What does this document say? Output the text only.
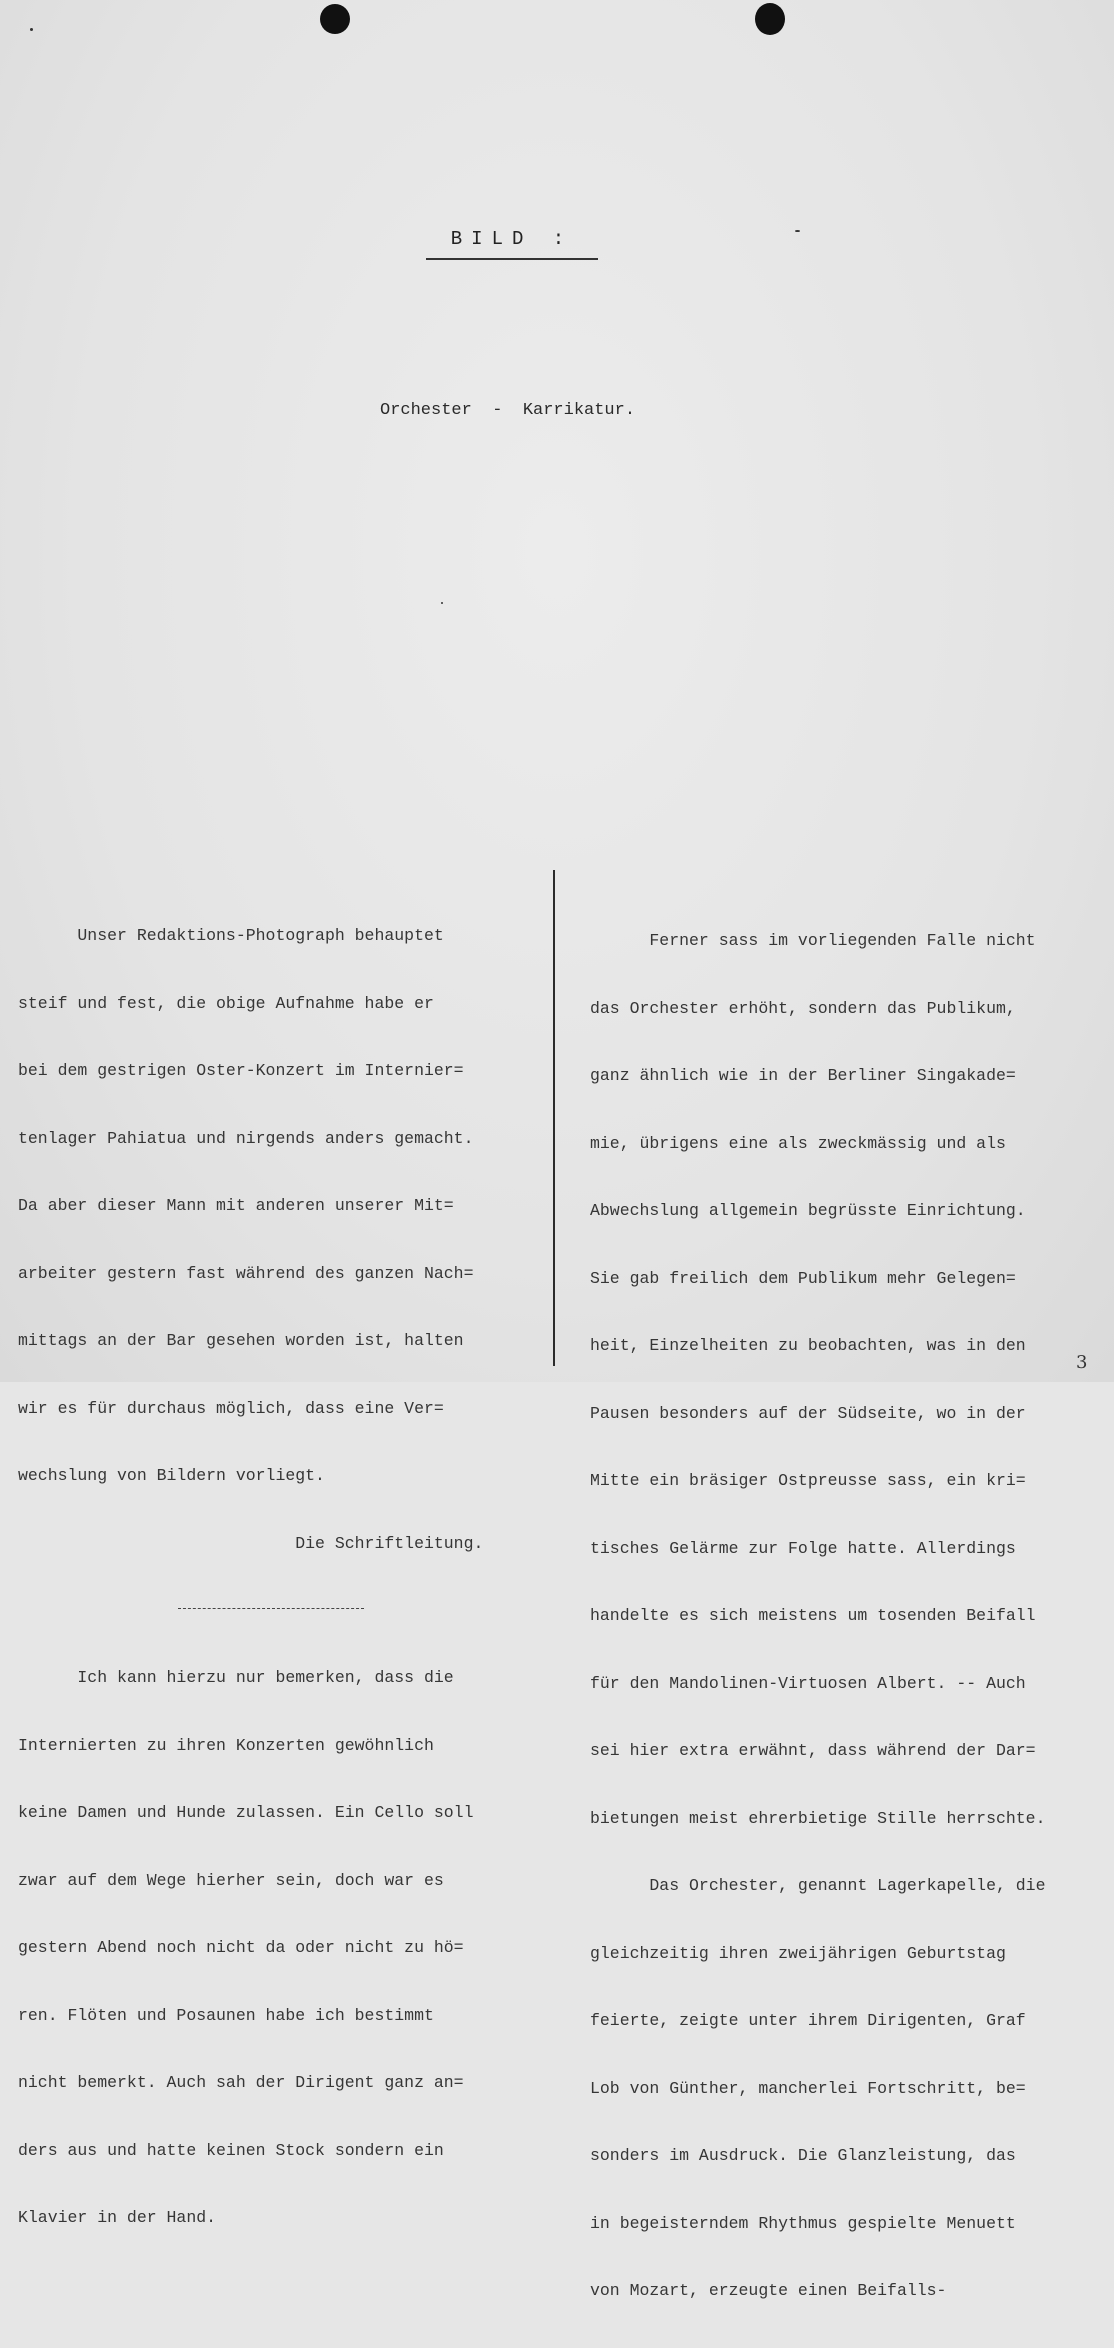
BILD :
Orchester  -  Karrikatur.

Unser Redaktions-Photograph behauptet

steif und fest, die obige Aufnahme habe er

bei dem gestrigen Oster-Konzert im Internier=

tenlager Pahiatua und nirgends anders gemacht.

Da aber dieser Mann mit anderen unserer Mit=

arbeiter gestern fast während des ganzen Nach=

mittags an der Bar gesehen worden ist, halten

wir es für durchaus möglich, dass eine Ver=

wechslung von Bildern vorliegt.

Die Schriftleitung.

Ich kann hierzu nur bemerken, dass die

Internierten zu ihren Konzerten gewöhnlich

keine Damen und Hunde zulassen. Ein Cello soll

zwar auf dem Wege hierher sein, doch war es

gestern Abend noch nicht da oder nicht zu hö=

ren. Flöten und Posaunen habe ich bestimmt

nicht bemerkt. Auch sah der Dirigent ganz an=

ders aus und hatte keinen Stock sondern ein

Klavier in der Hand.

Ferner sass im vorliegenden Falle nicht

das Orchester erhöht, sondern das Publikum,

ganz ähnlich wie in der Berliner Singakade=

mie, übrigens eine als zweckmässig und als

Abwechslung allgemein begrüsste Einrichtung.

Sie gab freilich dem Publikum mehr Gelegen=

heit, Einzelheiten zu beobachten, was in den

Pausen besonders auf der Südseite, wo in der

Mitte ein bräsiger Ostpreusse sass, ein kri=

tisches Gelärme zur Folge hatte. Allerdings

handelte es sich meistens um tosenden Beifall

für den Mandolinen-Virtuosen Albert. -- Auch

sei hier extra erwähnt, dass während der Dar=

bietungen meist ehrerbietige Stille herrschte.

Das Orchester, genannt Lagerkapelle, die

gleichzeitig ihren zweijährigen Geburtstag

feierte, zeigte unter ihrem Dirigenten, Graf

Lob von Günther, mancherlei Fortschritt, be=

sonders im Ausdruck. Die Glanzleistung, das

in begeisterndem Rhythmus gespielte Menuett

von Mozart, erzeugte einen Beifalls-

3
